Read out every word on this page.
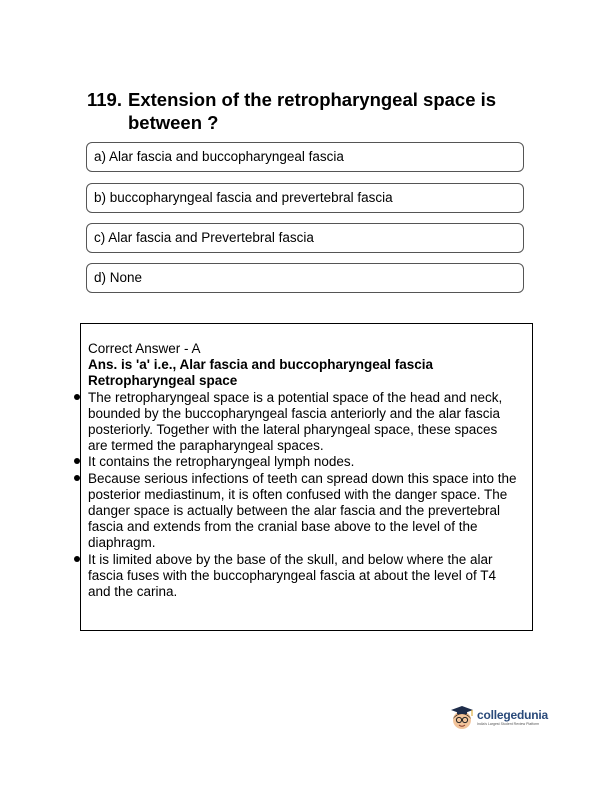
119. Extension of the retropharyngeal space is between ?
a) Alar fascia and buccopharyngeal fascia
b) buccopharyngeal fascia and prevertebral fascia
c) Alar fascia and Prevertebral fascia
d) None
Correct Answer - A
Ans. is 'a' i.e., Alar fascia and buccopharyngeal fascia
Retropharyngeal space
The retropharyngeal space is a potential space of the head and neck, bounded by the buccopharyngeal fascia anteriorly and the alar fascia posteriorly. Together with the lateral pharyngeal space, these spaces are termed the parapharyngeal spaces.
It contains the retropharyngeal lymph nodes.
Because serious infections of teeth can spread down this space into the posterior mediastinum, it is often confused with the danger space. The danger space is actually between the alar fascia and the prevertebral fascia and extends from the cranial base above to the level of the diaphragm.
It is limited above by the base of the skull, and below where the alar fascia fuses with the buccopharyngeal fascia at about the level of T4 and the carina.
collegedunia
India's Largest Student Review Platform
